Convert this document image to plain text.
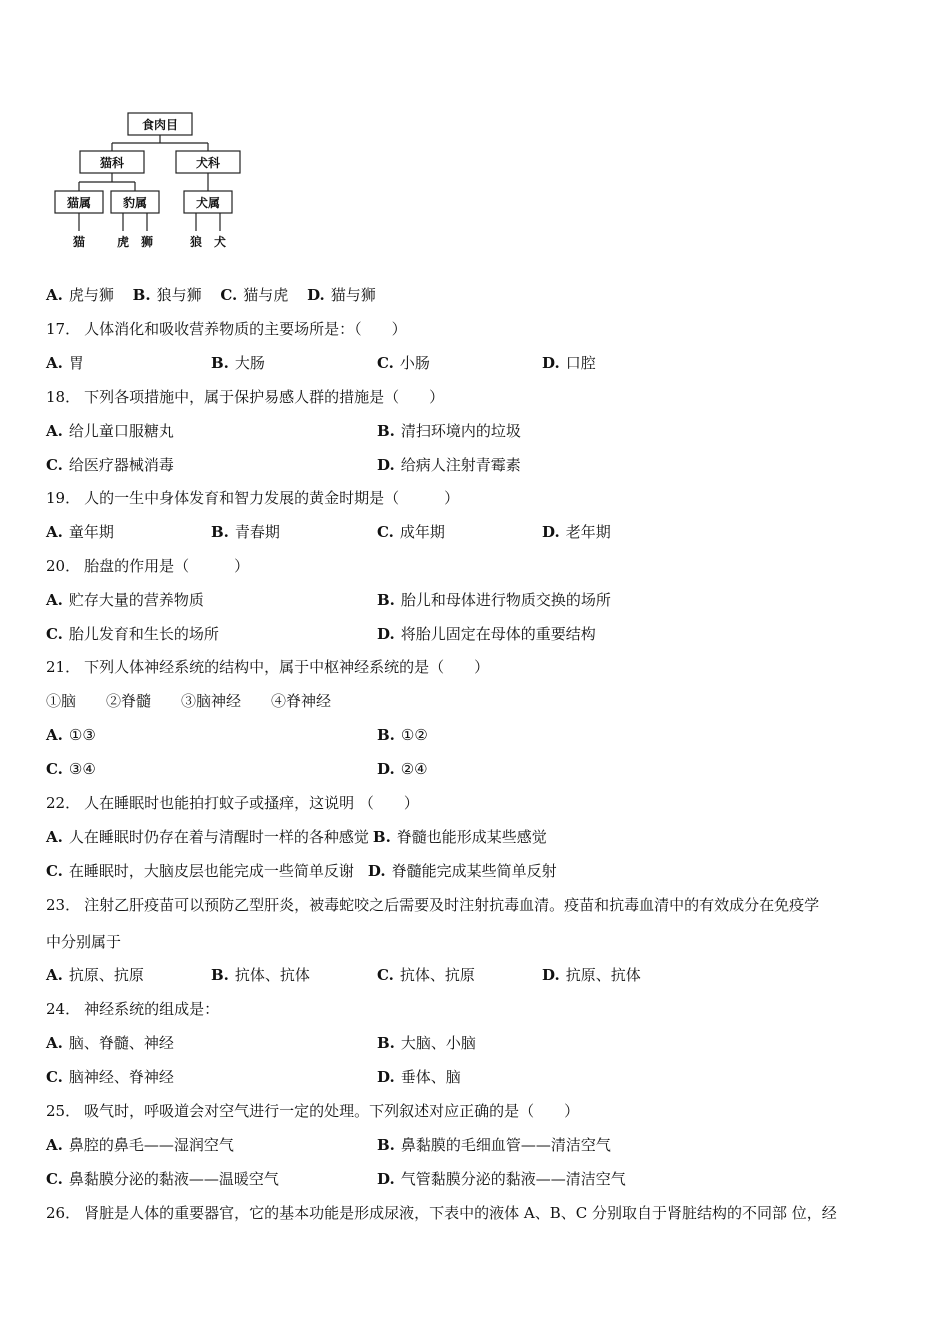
食肉目
猫科	犬科
猫属	豹属	犬属
猫	虎 狮	狼 犬
A. 虎与狮 B. 狼与狮 C. 猫与虎 D. 猫与狮
17． 人体消化和吸收营养物质的主要场所是：（　　）
A. 胃	B. 大肠	C. 小肠	D. 口腔
18． 下列各项措施中，属于保护易感人群的措施是（　　）
A. 给儿童口服糖丸	B. 清扫环境内的垃圾
C. 给医疗器械消毒	D. 给病人注射青霉素
19． 人的一生中身体发育和智力发展的黄金时期是（　　　）
A. 童年期	B. 青春期	C. 成年期	D. 老年期
20． 胎盘的作用是（　　　）
A. 贮存大量的营养物质	B. 胎儿和母体进行物质交换的场所
C. 胎儿发育和生长的场所	D. 将胎儿固定在母体的重要结构
21． 下列人体神经系统的结构中，属于中枢神经系统的是（　　）
①脑　　②脊髓　　③脑神经　　④脊神经
A. ①③	B. ①②
C. ③④	D. ②④
22． 人在睡眠时也能拍打蚊子或搔痒，这说明 （　　）
A. 人在睡眠时仍存在着与清醒时一样的各种感觉 B. 脊髓也能形成某些感觉
C. 在睡眠时，大脑皮层也能完成一些简单反谢 D. 脊髓能完成某些简单反射
23． 注射乙肝疫苗可以预防乙型肝炎，被毒蛇咬之后需要及时注射抗毒血清。疫苗和抗毒血清中的有效成分在免疫学
中分别属于
A. 抗原、抗原	B. 抗体、抗体	C. 抗体、抗原	D. 抗原、抗体
24． 神经系统的组成是：
A. 脑、脊髓、神经	B. 大脑、小脑
C. 脑神经、脊神经	D. 垂体、脑
25． 吸气时，呼吸道会对空气进行一定的处理。下列叙述对应正确的是（　　）
A. 鼻腔的鼻毛——湿润空气	B. 鼻黏膜的毛细血管——清洁空气
C. 鼻黏膜分泌的黏液——温暖空气	D. 气管黏膜分泌的黏液——清洁空气
26． 肾脏是人体的重要器官，它的基本功能是形成尿液，下表中的液体 A、B、C 分别取自于肾脏结构的不同部 位，经
